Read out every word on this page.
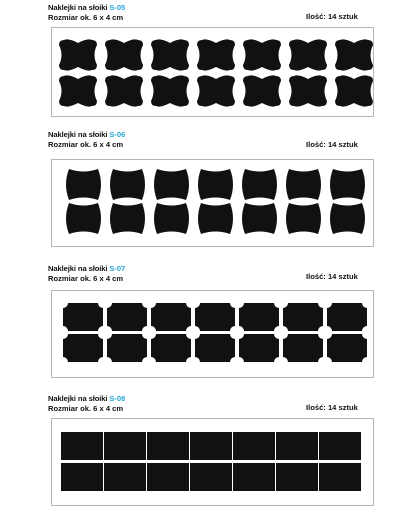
Naklejki na słoiki S-05
Rozmiar ok. 6 x 4 cm	Ilość: 14 sztuk
Naklejki na słoiki S-06
Rozmiar ok. 6 x 4 cm	Ilość: 14 sztuk
Naklejki na słoiki S-07
Rozmiar ok. 6 x 4 cm	Ilość: 14 sztuk
Naklejki na słoiki S-08
Rozmiar ok. 6 x 4 cm	Ilość: 14 sztuk
